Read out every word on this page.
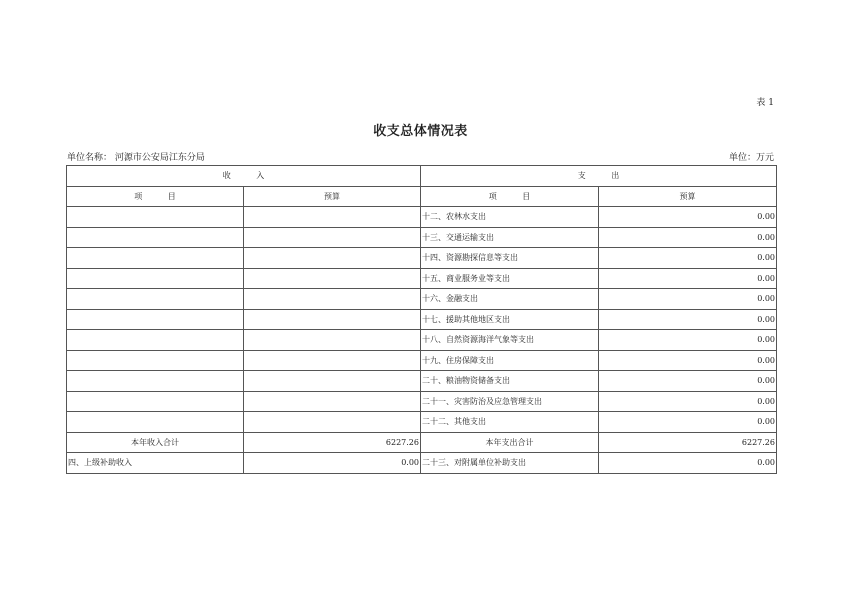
表 1
收支总体情况表
单位名称： 河源市公安局江东分局	单位：万元
收          入		支          出	
项          目	预算	项          目	预算
		十二、农林水支出	0.00
		十三、交通运输支出	0.00
		十四、资源勘探信息等支出	0.00
		十五、商业服务业等支出	0.00
		十六、金融支出	0.00
		十七、援助其他地区支出	0.00
		十八、自然资源海洋气象等支出	0.00
		十九、住房保障支出	0.00
		二十、粮油物资储备支出	0.00
		二十一、灾害防治及应急管理支出	0.00
		二十二、其他支出	0.00
本年收入合计	6227.26	本年支出合计	6227.26
四、上级补助收入	0.00	二十三、对附属单位补助支出	0.00
